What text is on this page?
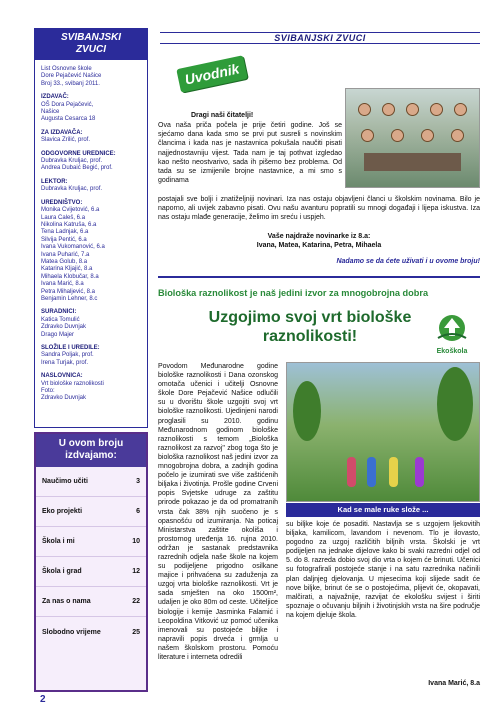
SVIBANJSKI
ZVUCI
List Osnovne škole
Dore Pejačević Našice
Broj 33., svibanj 2011.
IZDAVAČ:
OŠ Dora Pejačević,
Našice
Augusta Cesarca 18
ZA IZDAVAČA:
Slavica Zrilić, prof.
ODGOVORNE UREDNICE:
Dubravka Kruljac, prof.
Andrea Dubaić Begić, prof.
LEKTOR:
Dubravka Kruljac, prof.
UREDNIŠTVO:
Monika Cvijetović, 6.a
Laura Caleš, 6.a
Nikolina Katruša, 6.a
Tena Ladnjak, 6.a
Silvija Pentić, 6.a
Ivana Vukomanović, 6.a
Ivana Puharić, 7.a
Matea Golub, 8.a
Katarina Kljajić, 8.a
Mihaela Klobučar, 8.a
Ivana Marić, 8.a
Petra Mihaljević, 8.a
Benjamin Lehner, 8.c
SURADNICI:
Katica Tomulić
Zdravko Duvnjak
Drago Majer
SLOŽILE I UREDILE:
Sandra Poljak, prof.
Irena Turjak, prof.
NASLOVNICA:
Vrt biološke raznolikosti
Foto:
Zdravko Duvnjak
U ovom broju izdvajamo:
Naučimo učiti	3
Eko projekti	6
Škola i mi	10
Škola i grad	12
Za nas o nama	22
Slobodno vrijeme	25
2
SVIBANJSKI ZVUCI
Uvodnik
Dragi naši čitatelji!
Ova naša priča počela je prije četiri godine. Još se sjećamo dana kada smo se prvi put susreli s novinskim člancima i kada nas je nastavnica pokušala naučiti pisati najjednostavniju vijest. Tada nam je taj pothvat izgledao kao nešto neostvarivo, sada ih pišemo bez problema. Od tada su se izmijenile brojne nastavnice, a mi smo s godinama
postajali sve bolji i znatiželjniji novinari. Iza nas ostaju objavljeni članci u školskim novinama. Bilo je naporno, ali uvijek zabavno pisati. Ovu našu avanturu popratili su mnogi događaji i lijepa iskustva. Iza nas ostaju mlađe generacije, želimo im sreću i uspjeh.
Vaše najdraže novinarke iz 8.a:
Ivana, Matea, Katarina, Petra, Mihaela
Nadamo se da ćete uživati i u ovome broju!
Biološka raznolikost je naš jedini izvor za mnogobrojna dobra
Uzgojimo svoj vrt biološke raznolikosti!
Ekoškola
Povodom Međunarodne godine biološke raznolikosti i Dana ozonskog omotača učenici i učitelji Osnovne škole Dore Pejačević Našice odlučili su u dvorištu škole uzgojiti svoj vrt biološke raznolikosti. Ujedinjeni narodi proglasili su 2010. godinu Međunarodnom godinom biološke raznolikosti s temom „Biološka raznolikost za razvoj" zbog toga što je biološka raznolikost naš jedini izvor za mnogobrojna dobra, a zadnjih godina počelo je izumirati sve više zaštićenih biljaka i životinja. Prošle godine Crveni popis Svjetske udruge za zaštitu prirode pokazao je da od promatranih vrsta čak 38% njih suočeno je s opasnošću od izumiranja. Na poticaj Ministarstva zaštite okoliša i prostornog uređenja 16. rujna 2010. održan je sastanak predstavnika razrednih odjela naše škole na kojem su podijeljene prigodno osilkane majice i prihvaćena su zaduženja za uzgoj vrta biološke raznolikosti. Vrt je sada smješten na oko 1500m², udaljen je oko 80m od ceste. Učiteljice biologije i kemije Jasminka Falamić i Leopoldina Vitković uz pomoć učenika imenovali su postojeće biljke i napravili popis drveća i grmlja u našem školskom prostoru. Pomoću literature i interneta odredili
Kad se male ruke slože ...
su biljke koje će posaditi. Nastavlja se s uzgojem ljekovitih biljaka, kamilicom, lavandom i nevenom. Tlo je ilovasto, pogodno za uzgoj različitih biljnih vrsta. Školski je vrt podijeljen na jednake dijelove kako bi svaki razredni odjel od 5. do 8. razreda dobio svoj dio vrta o kojem će brinuti. Učenici su fotografirali postojeće stanje i na satu razrednika načinili plan daljnjeg djelovanja. U mjesecima koji slijede sadit će nove biljke, brinut će se o postojećima, plijevit će, okopavati, malčirati, a najvažnije, razvijat će ekološku svijest i širiti spoznaje o očuvanju biljnih i životinjskih vrsta na šire područje na kojem djeluje škola.
Ivana Marić, 8.a
